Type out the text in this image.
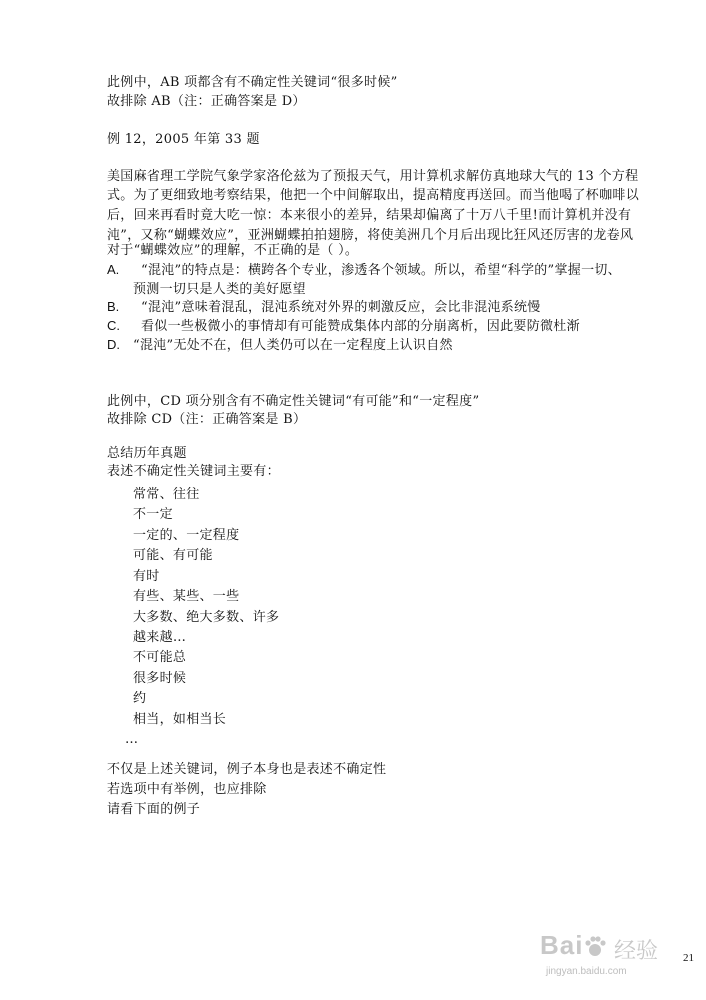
此例中，AB 项都含有不确定性关键词“很多时候”
故排除 AB（注：正确答案是 D）
例 12，2005 年第 33 题
美国麻省理工学院气象学家洛伦兹为了预报天气，用计算机求解仿真地球大气的 13 个方程
式。为了更细致地考察结果，他把一个中间解取出，提高精度再送回。而当他喝了杯咖啡以
后，回来再看时竟大吃一惊：本来很小的差异，结果却偏离了十万八千里!而计算机并没有
沌”，又称“蝴蝶效应”，亚洲蝴蝶拍拍翅膀，将使美洲几个月后出现比狂风还厉害的龙卷风
对于“蝴蝶效应”的理解，不正确的是（ ）。
A. “混沌”的特点是：横跨各个专业，渗透各个领域。所以，希望“科学的”掌握一切、
预测一切只是人类的美好愿望
B. “混沌”意味着混乱，混沌系统对外界的刺激反应，会比非混沌系统慢
C. 看似一些极微小的事情却有可能赞成集体内部的分崩离析，因此要防微杜渐
D. “混沌”无处不在，但人类仍可以在一定程度上认识自然
此例中，CD 项分别含有不确定性关键词“有可能”和“一定程度”
故排除 CD（注：正确答案是 B）
总结历年真题
表述不确定性关键词主要有：
常常、往往
不一定
一定的、一定程度
可能、有可能
有时
有些、某些、一些
大多数、绝大多数、许多
越来越…
不可能总
很多时候
约
相当，如相当长
…
不仅是上述关键词，例子本身也是表述不确定性
若选项中有举例，也应排除
请看下面的例子
Bai 经验
jingyan.baidu.com
21
